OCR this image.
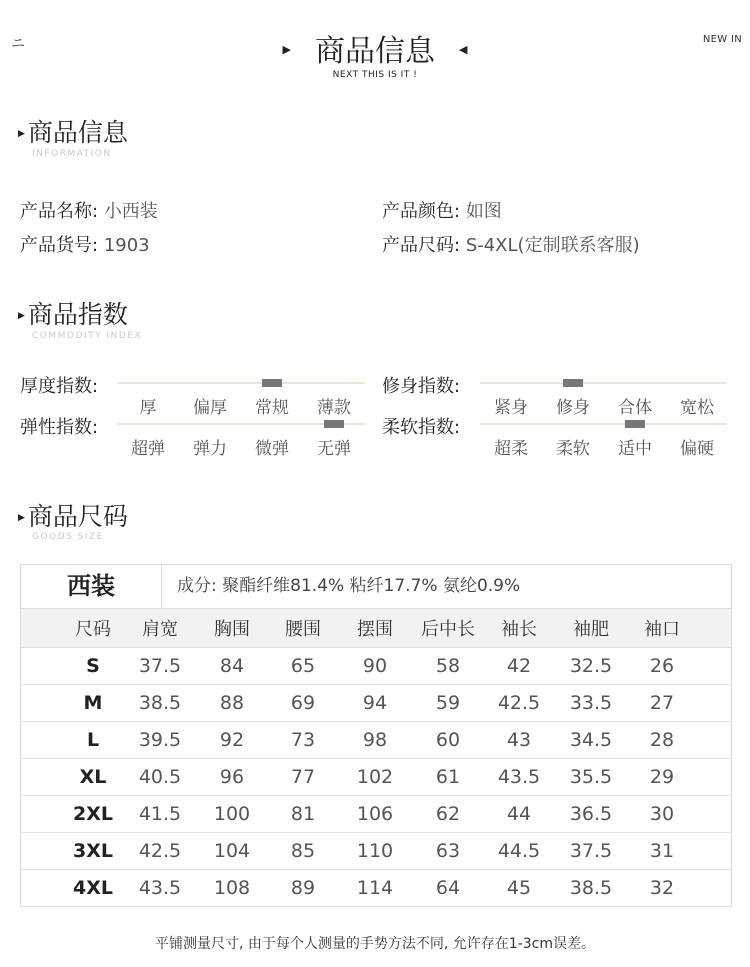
ニ	▶ 商品信息 ◀
NEXT THIS IS IT !
NEW IN
▶ 商品信息
INFORMATION
产品名称: 小西装	产品颜色: 如图
产品货号: 1903	产品尺码: S-4XL(定制联系客服)
▶ 商品指数
COMMODITY INDEX
厚度指数:
厚	偏厚	常规	薄款
修身指数:
紧身	修身	合体	宽松
弹性指数:
超弹	弹力	微弹	无弹
柔软指数:
超柔	柔软	适中	偏硬
▶ 商品尺码
GOODS SIZE
西装	成分: 聚酯纤维81.4% 粘纤17.7% 氨纶0.9%
尺码	肩宽	胸围	腰围	摆围	后中长	袖长	袖肥	袖口
S	37.5	84	65	90	58	42	32.5	26
M	38.5	88	69	94	59	42.5	33.5	27
L	39.5	92	73	98	60	43	34.5	28
XL	40.5	96	77	102	61	43.5	35.5	29
2XL	41.5	100	81	106	62	44	36.5	30
3XL	42.5	104	85	110	63	44.5	37.5	31
4XL	43.5	108	89	114	64	45	38.5	32
平铺测量尺寸, 由于每个人测量的手势方法不同, 允许存在1-3cm误差。
